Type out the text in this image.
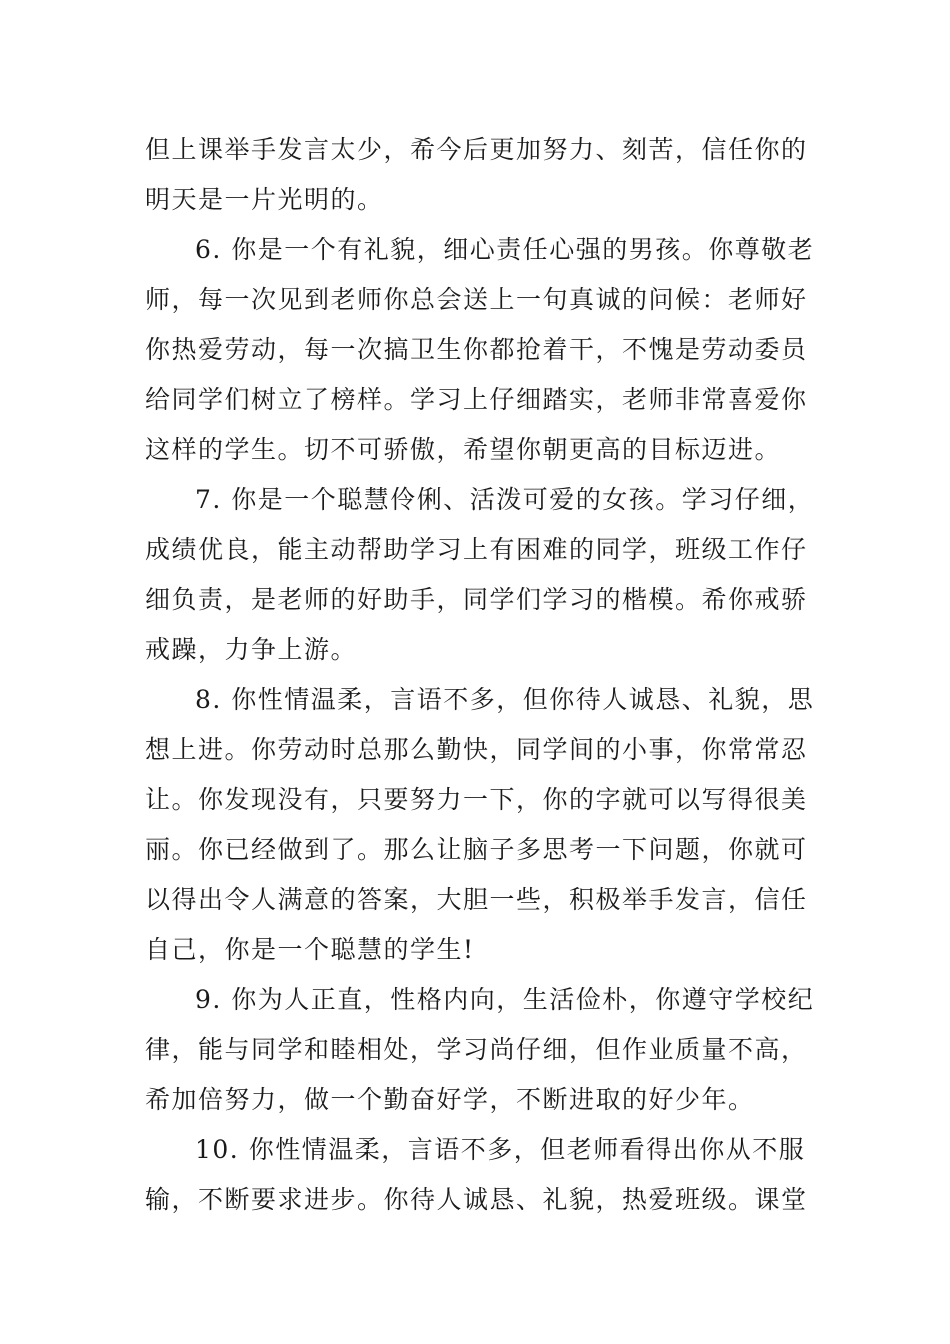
但上课举手发言太少，希今后更加努力、刻苦，信任你的
明天是一片光明的。
6. 你是一个有礼貌，细心责任心强的男孩。你尊敬老
师，每一次见到老师你总会送上一句真诚的问候：老师好
你热爱劳动，每一次搞卫生你都抢着干，不愧是劳动委员
给同学们树立了榜样。学习上仔细踏实，老师非常喜爱你
这样的学生。切不可骄傲，希望你朝更高的目标迈进。
7. 你是一个聪慧伶俐、活泼可爱的女孩。学习仔细，
成绩优良，能主动帮助学习上有困难的同学，班级工作仔
细负责，是老师的好助手，同学们学习的楷模。希你戒骄
戒躁，力争上游。
8. 你性情温柔，言语不多，但你待人诚恳、礼貌，思
想上进。你劳动时总那么勤快，同学间的小事，你常常忍
让。你发现没有，只要努力一下，你的字就可以写得很美
丽。你已经做到了。那么让脑子多思考一下问题，你就可
以得出令人满意的答案，大胆一些，积极举手发言，信任
自己，你是一个聪慧的学生!
9. 你为人正直，性格内向，生活俭朴，你遵守学校纪
律，能与同学和睦相处，学习尚仔细，但作业质量不高，
希加倍努力，做一个勤奋好学，不断进取的好少年。
10. 你性情温柔，言语不多，但老师看得出你从不服
输，不断要求进步。你待人诚恳、礼貌，热爱班级。课堂
